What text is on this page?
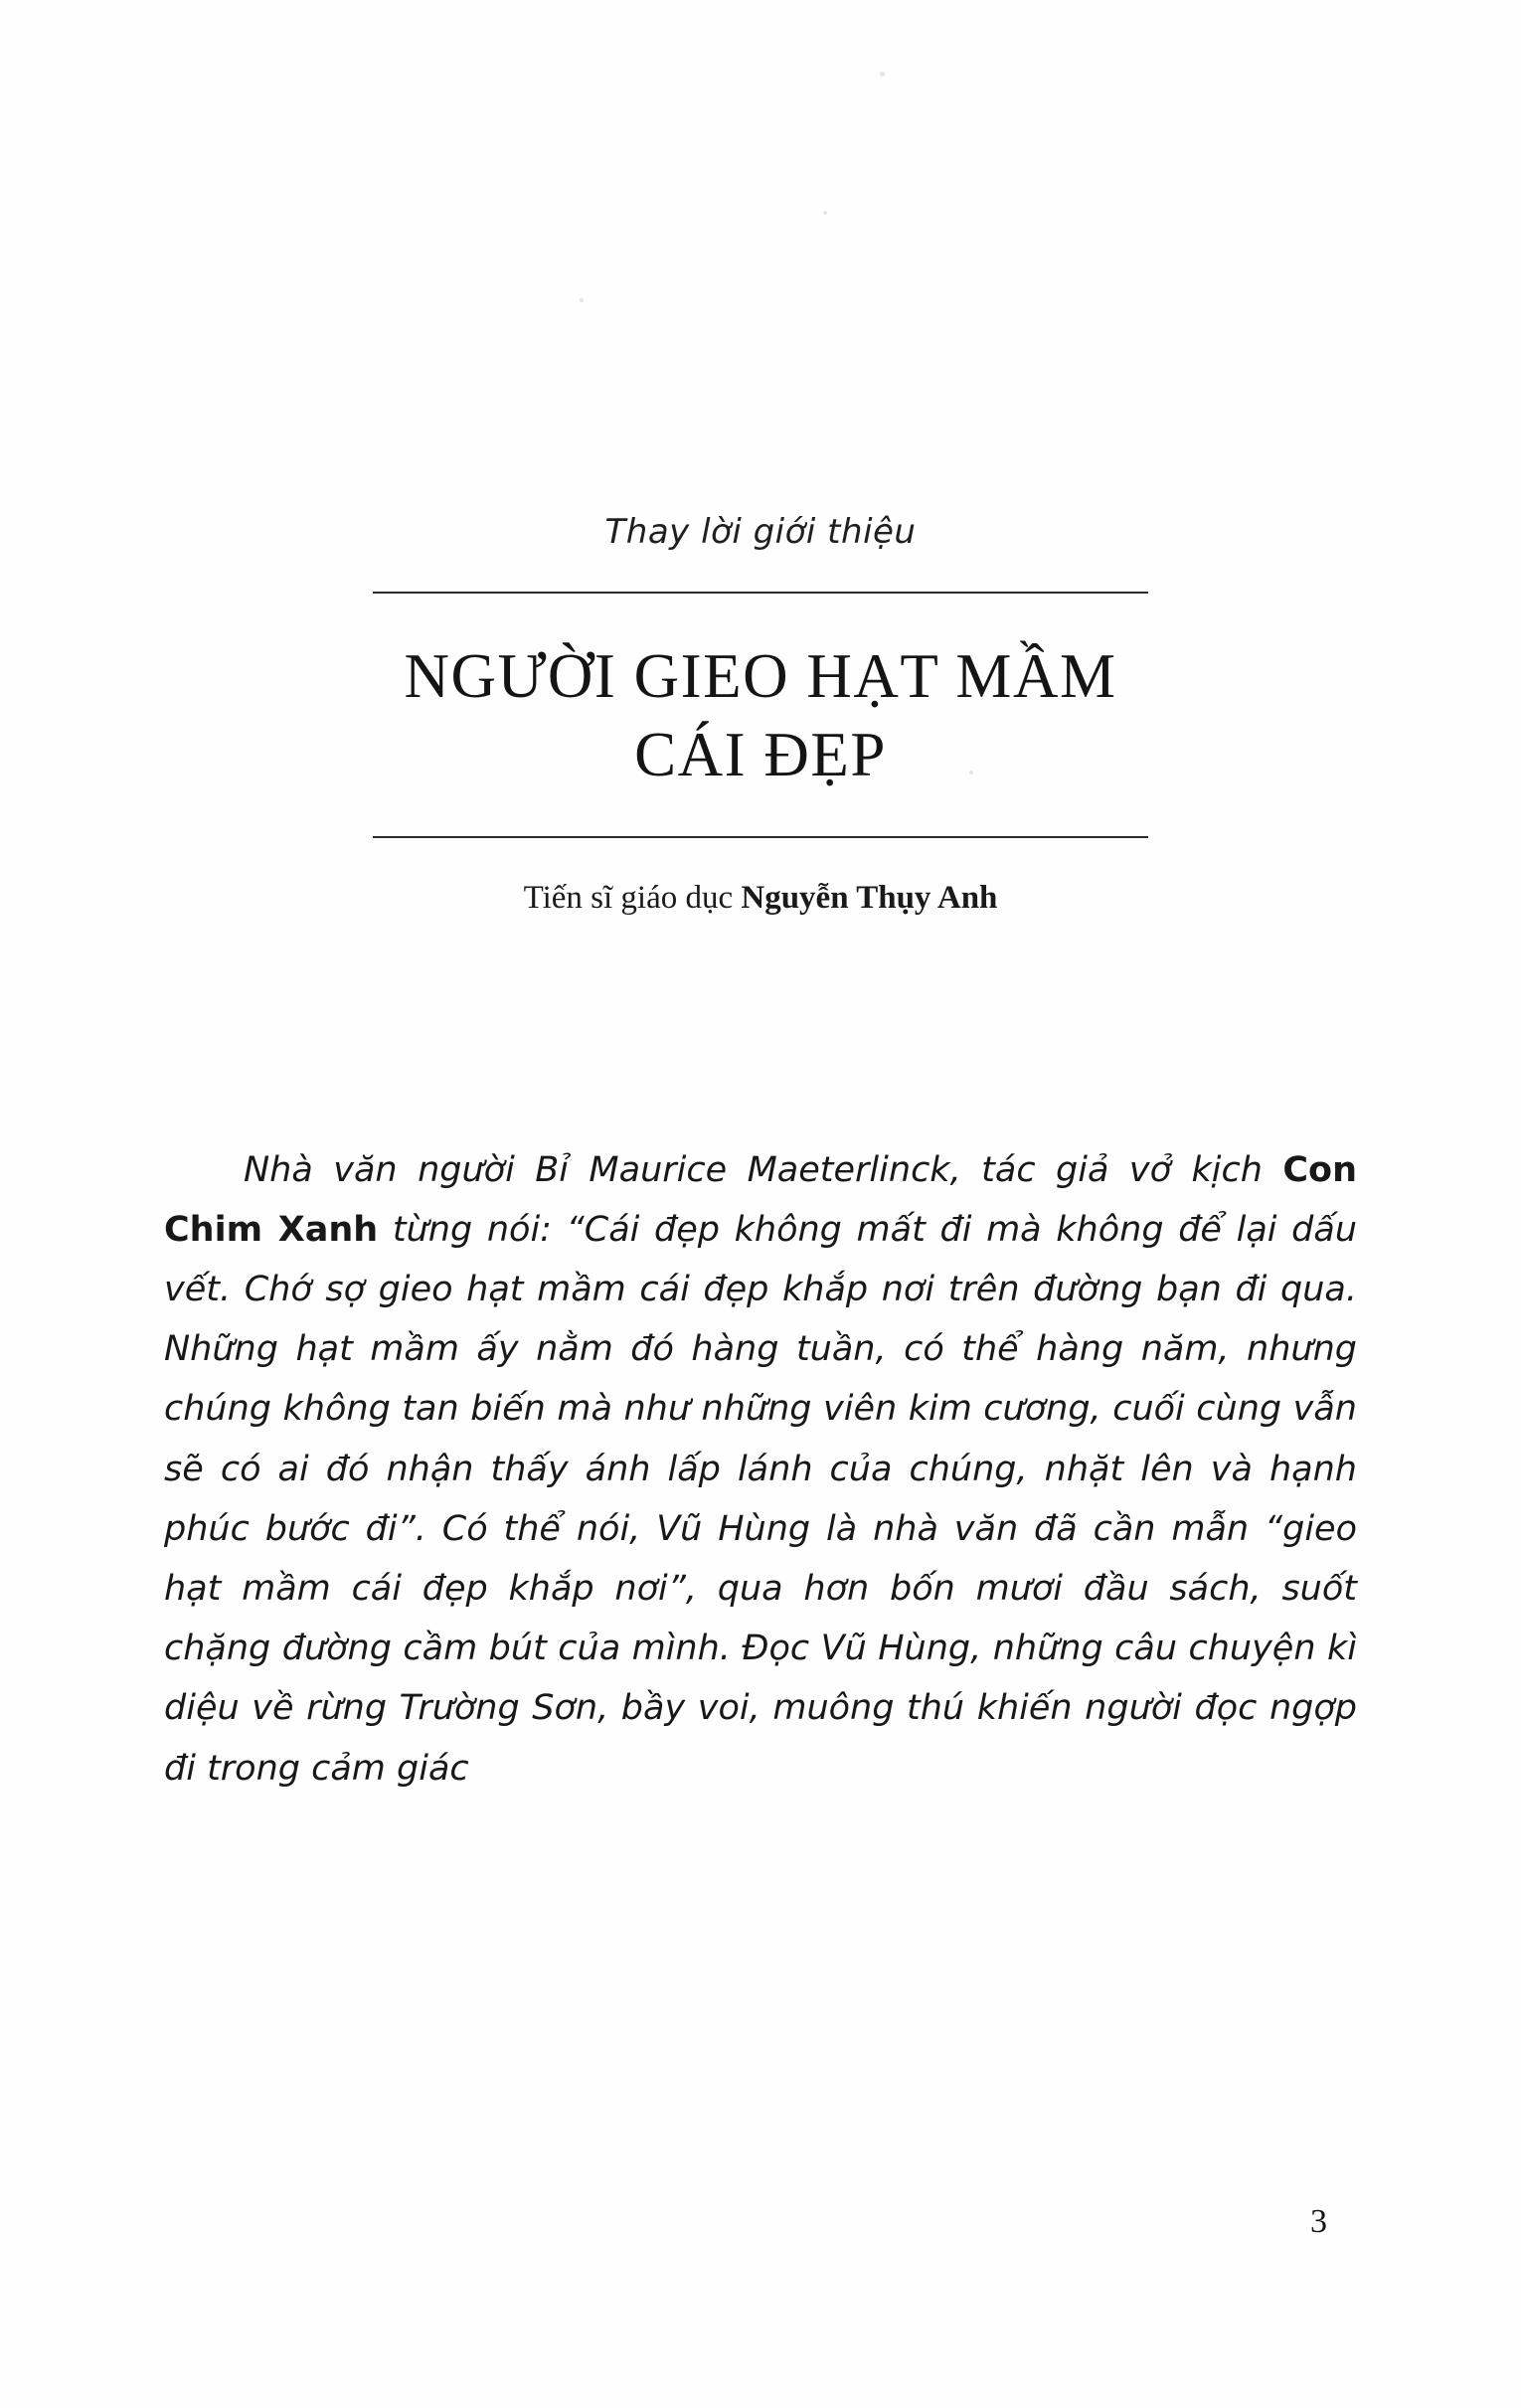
Thay lời giới thiệu
NGƯỜI GIEO HẠT MẦM
CÁI ĐẸP
Tiến sĩ giáo dục Nguyễn Thụy Anh

Nhà văn người Bỉ Maurice Maeterlinck, tác giả vở kịch Con Chim Xanh từng nói: “Cái đẹp không mất đi mà không để lại dấu vết. Chớ sợ gieo hạt mầm cái đẹp khắp nơi trên đường bạn đi qua. Những hạt mầm ấy nằm đó hàng tuần, có thể hàng năm, nhưng chúng không tan biến mà như những viên kim cương, cuối cùng vẫn sẽ có ai đó nhận thấy ánh lấp lánh của chúng, nhặt lên và hạnh phúc bước đi”. Có thể nói, Vũ Hùng là nhà văn đã cần mẫn “gieo hạt mầm cái đẹp khắp nơi”, qua hơn bốn mươi đầu sách, suốt chặng đường cầm bút của mình. Đọc Vũ Hùng, những câu chuyện kì diệu về rừng Trường Sơn, bầy voi, muông thú khiến người đọc ngợp đi trong cảm giác

3
